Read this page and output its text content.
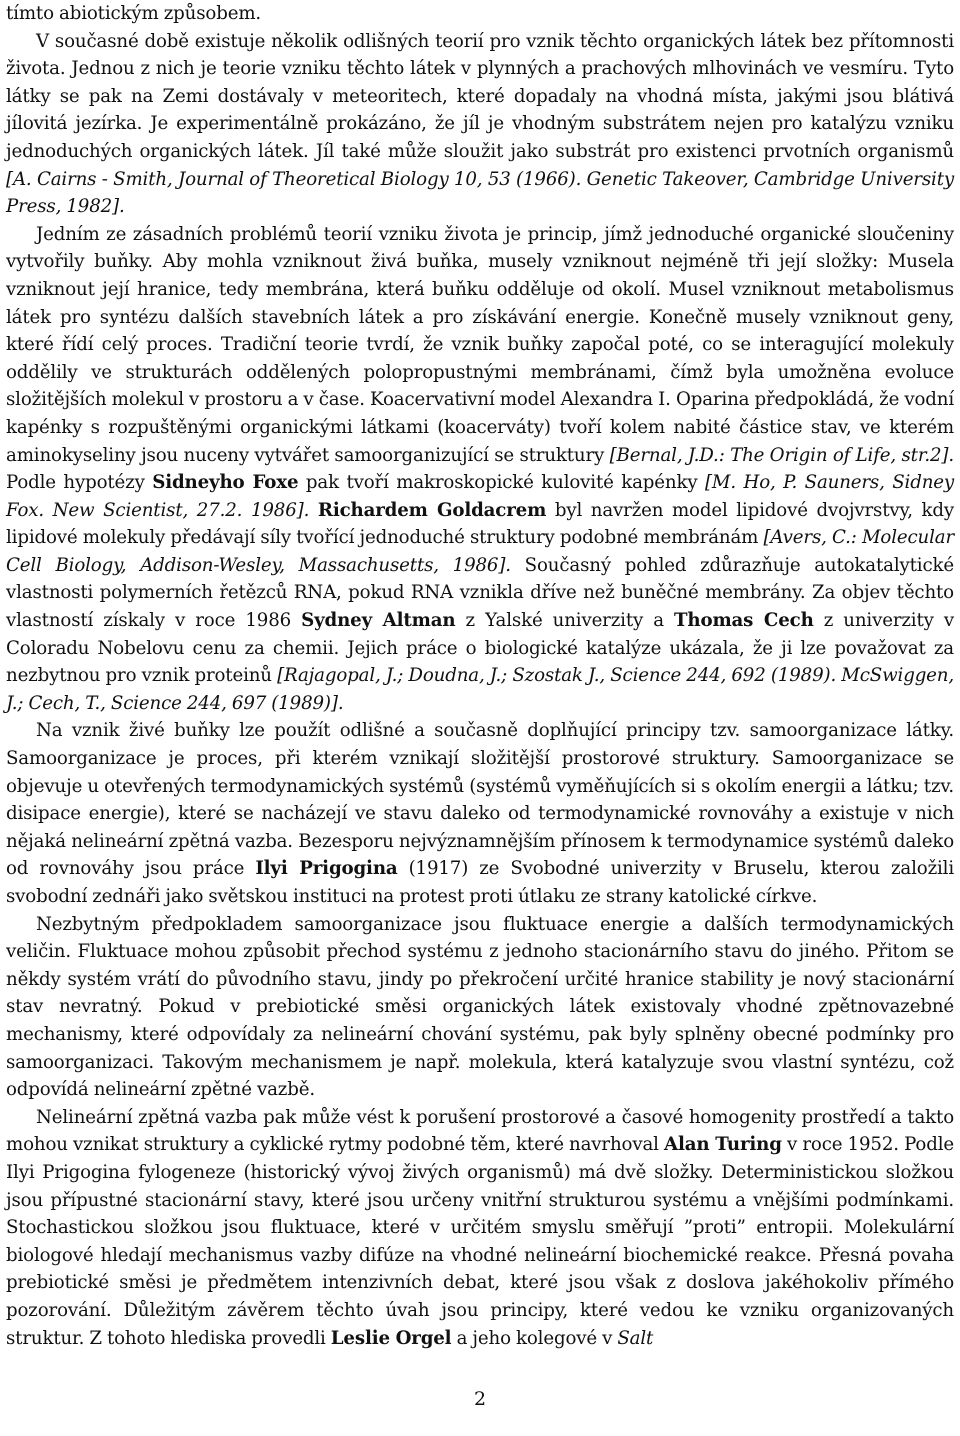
tímto abiotickým způsobem.

V současné době existuje několik odlišných teorií pro vznik těchto organických látek bez přítomnosti života. Jednou z nich je teorie vzniku těchto látek v plynných a prachových mlhovinách ve vesmíru. Tyto látky se pak na Zemi dostávaly v meteoritech, které dopadaly na vhodná místa, jakými jsou blátivá jílovitá jezírka. Je experimentálně prokázáno, že jíl je vhodným substrátem nejen pro katalýzu vzniku jednoduchých organických látek. Jíl také může sloužit jako substrát pro existenci prvotních organismů [A. Cairns - Smith, Journal of Theoretical Biology 10, 53 (1966). Genetic Takeover, Cambridge University Press, 1982].

Jedním ze zásadních problémů teorií vzniku života je princip, jímž jednoduché organické sloučeniny vytvořily buňky. Aby mohla vzniknout živá buňka, musely vzniknout nejméně tři její složky: Musela vzniknout její hranice, tedy membrána, která buňku odděluje od okolí. Musel vzniknout metabolismus látek pro syntézu dalších stavebních látek a pro získávání energie. Konečně musely vzniknout geny, které řídí celý proces. Tradiční teorie tvrdí, že vznik buňky započal poté, co se interagující molekuly oddělily ve strukturách oddělených polopropustnými membránami, čímž byla umožněna evoluce složitějších molekul v prostoru a v čase. Koacervativní model Alexandra I. Oparina předpokládá, že vodní kapénky s rozpuštěnými organickými látkami (koacerváty) tvoří kolem nabité částice stav, ve kterém aminokyseliny jsou nuceny vytvářet samoorganizující se struktury [Bernal, J.D.: The Origin of Life, str.2]. Podle hypotézy Sidneyho Foxe pak tvoří makroskopické kulovité kapénky [M. Ho, P. Sauners, Sidney Fox. New Scientist, 27.2. 1986]. Richardem Goldacrem byl navržen model lipidové dvojvrstvy, kdy lipidové molekuly předávají síly tvořící jednoduché struktury podobné membránám [Avers, C.: Molecular Cell Biology, Addison-Wesley, Massachusetts, 1986]. Současný pohled zdůrazňuje autokatalytické vlastnosti polymerních řetězců RNA, pokud RNA vznikla dříve než buněčné membrány. Za objev těchto vlastností získaly v roce 1986 Sydney Altman z Yalské univerzity a Thomas Cech z univerzity v Coloradu Nobelovu cenu za chemii. Jejich práce o biologické katalýze ukázala, že ji lze považovat za nezbytnou pro vznik proteinů [Rajagopal, J.; Doudna, J.; Szostak J., Science 244, 692 (1989). McSwiggen, J.; Cech, T., Science 244, 697 (1989)].

Na vznik živé buňky lze použít odlišné a současně doplňující principy tzv. samoorganizace látky. Samoorganizace je proces, při kterém vznikají složitější prostorové struktury. Samoorganizace se objevuje u otevřených termodynamických systémů (systémů vyměňujících si s okolím energii a látku; tzv. disipace energie), které se nacházejí ve stavu daleko od termodynamické rovnováhy a existuje v nich nějaká nelineární zpětná vazba. Bezesporu nejvýznamnějším přínosem k termodynamice systémů daleko od rovnováhy jsou práce Ilyi Prigogina (1917) ze Svobodné univerzity v Bruselu, kterou založili svobodní zednáři jako světskou instituci na protest proti útlaku ze strany katolické církve.

Nezbytným předpokladem samoorganizace jsou fluktuace energie a dalších termodynamických veličin. Fluktuace mohou způsobit přechod systému z jednoho stacionárního stavu do jiného. Přitom se někdy systém vrátí do původního stavu, jindy po překročení určité hranice stability je nový stacionární stav nevratný. Pokud v prebiotické směsi organických látek existovaly vhodné zpětnovazebné mechanismy, které odpovídaly za nelineární chování systému, pak byly splněny obecné podmínky pro samoorganizaci. Takovým mechanismem je např. molekula, která katalyzuje svou vlastní syntézu, což odpovídá nelineární zpětné vazbě.

Nelineární zpětná vazba pak může vést k porušení prostorové a časové homogenity prostředí a takto mohou vznikat struktury a cyklické rytmy podobné těm, které navrhoval Alan Turing v roce 1952. Podle Ilyi Prigogina fylogeneze (historický vývoj živých organismů) má dvě složky. Deterministickou složkou jsou přípustné stacionární stavy, které jsou určeny vnitřní strukturou systému a vnějšími podmínkami. Stochastickou složkou jsou fluktuace, které v určitém smyslu směřují ”proti” entropii. Molekulární biologové hledají mechanismus vazby difúze na vhodné nelineární biochemické reakce. Přesná povaha prebiotické směsi je předmětem intenzivních debat, které jsou však z doslova jakéhokoliv přímého pozorování. Důležitým závěrem těchto úvah jsou principy, které vedou ke vzniku organizovaných struktur. Z tohoto hlediska provedli Leslie Orgel a jeho kolegové v Salt

2
